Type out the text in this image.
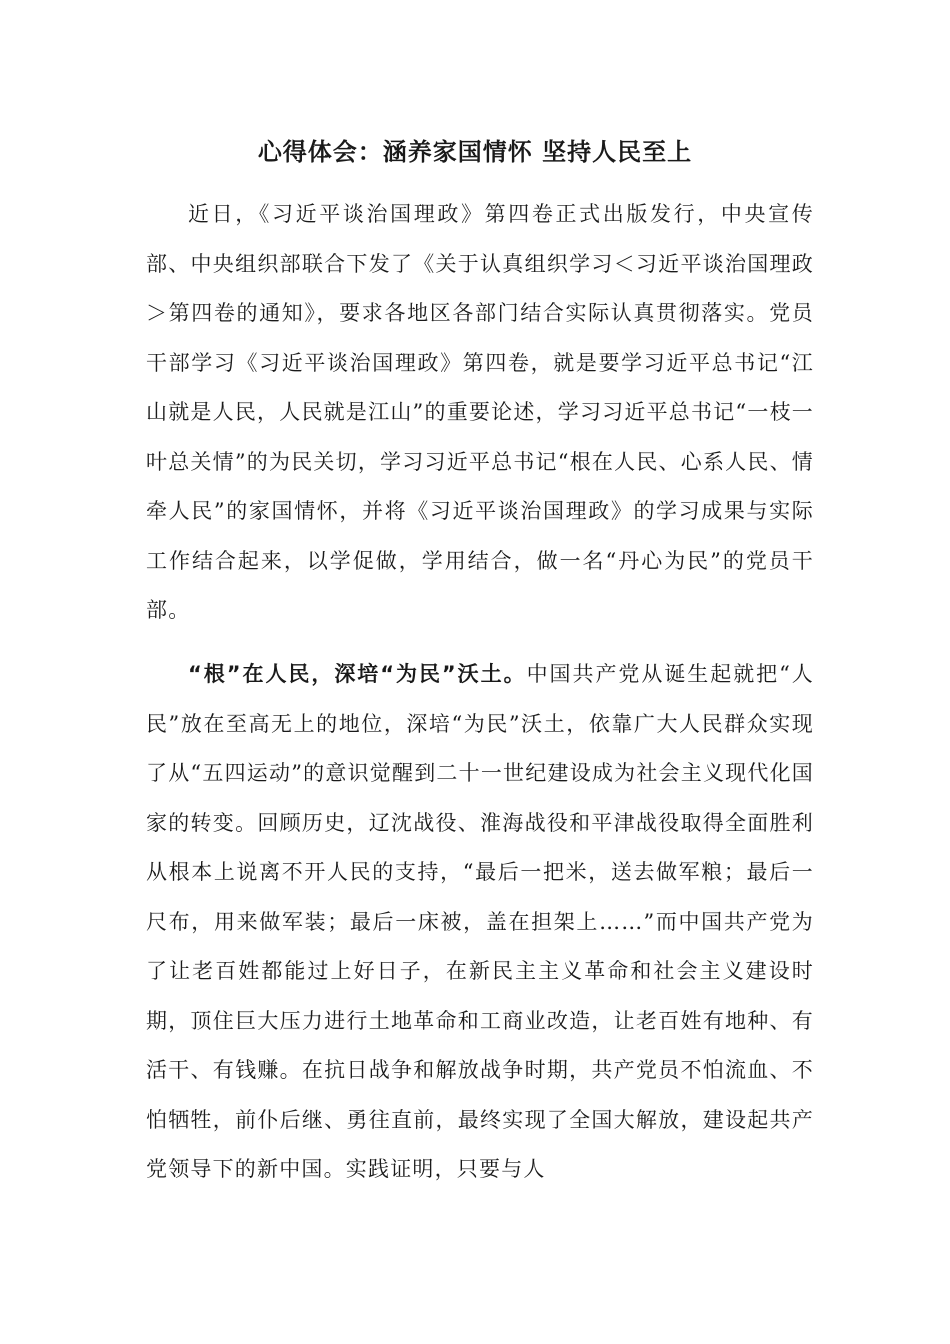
心得体会：涵养家国情怀 坚持人民至上

近日，《习近平谈治国理政》第四卷正式出版发行，中央宣传部、中央组织部联合下发了《关于认真组织学习＜习近平谈治国理政＞第四卷的通知》，要求各地区各部门结合实际认真贯彻落实。党员干部学习《习近平谈治国理政》第四卷，就是要学习近平总书记“江山就是人民，人民就是江山”的重要论述，学习习近平总书记“一枝一叶总关情”的为民关切，学习习近平总书记“根在人民、心系人民、情牵人民”的家国情怀，并将《习近平谈治国理政》的学习成果与实际工作结合起来，以学促做，学用结合，做一名“丹心为民”的党员干部。

“根”在人民，深培“为民”沃土。中国共产党从诞生起就把“人民”放在至高无上的地位，深培“为民”沃土，依靠广大人民群众实现了从“五四运动”的意识觉醒到二十一世纪建设成为社会主义现代化国家的转变。回顾历史，辽沈战役、淮海战役和平津战役取得全面胜利从根本上说离不开人民的支持，“最后一把米，送去做军粮；最后一尺布，用来做军装；最后一床被，盖在担架上……”而中国共产党为了让老百姓都能过上好日子，在新民主主义革命和社会主义建设时期，顶住巨大压力进行土地革命和工商业改造，让老百姓有地种、有活干、有钱赚。在抗日战争和解放战争时期，共产党员不怕流血、不怕牺牲，前仆后继、勇往直前，最终实现了全国大解放，建设起共产党领导下的新中国。实践证明，只要与人
